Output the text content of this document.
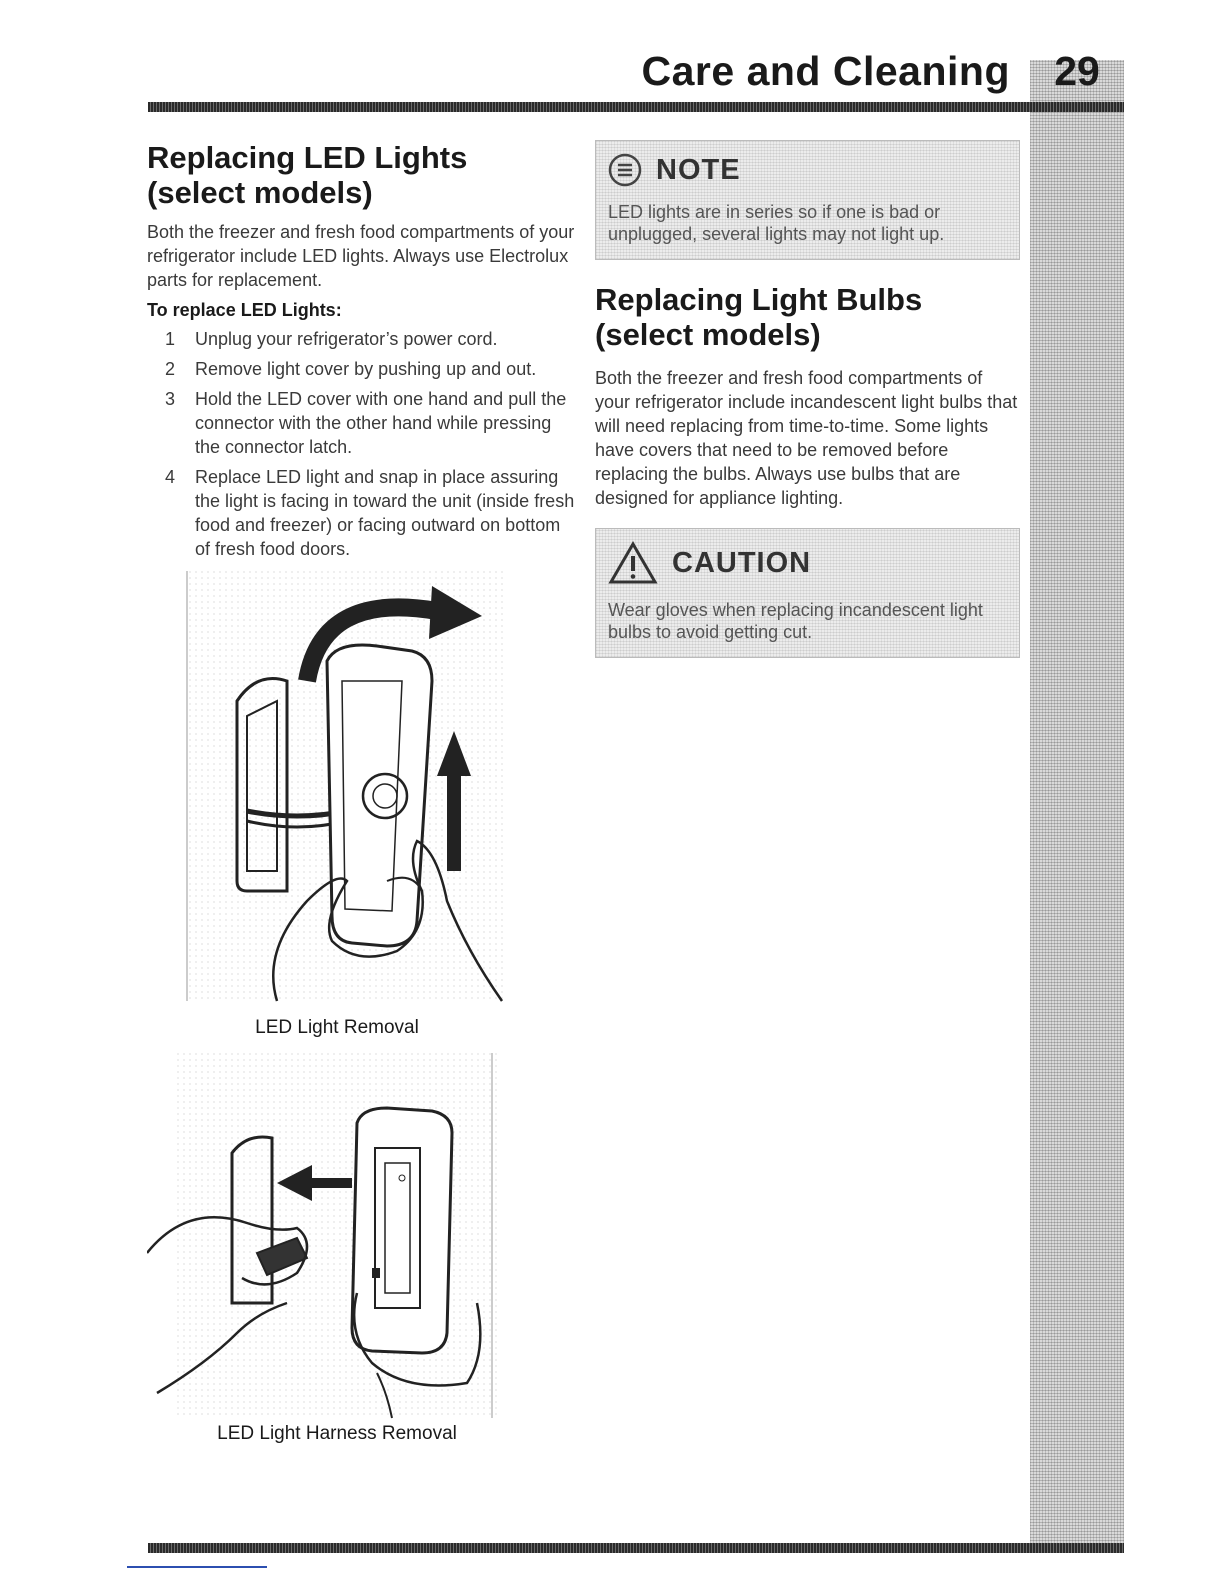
Care and Cleaning	29
Replacing LED Lights
(select models)

Both the freezer and fresh food compartments of your refrigerator include LED lights. Always use Electrolux parts for replacement.

To replace LED Lights:

1 Unplug your refrigerator’s power cord.
2 Remove light cover by pushing up and out.
3 Hold the LED cover with one hand and pull the connector with the other hand while pressing the connector latch.
4 Replace LED light and snap in place assuring the light is facing in toward the unit (inside fresh food and freezer) or facing outward on bottom of fresh food doors.

LED Light Removal

LED Light Harness Removal

NOTE

LED lights are in series so if one is bad or unplugged, several lights may not light up.

Replacing Light Bulbs
(select models)

Both the freezer and fresh food compartments of your refrigerator include incandescent light bulbs that will need replacing from time-to-time. Some lights have covers that need to be removed before replacing the bulbs. Always use bulbs that are designed for appliance lighting.

CAUTION

Wear gloves when replacing incandescent light bulbs to avoid getting cut.
